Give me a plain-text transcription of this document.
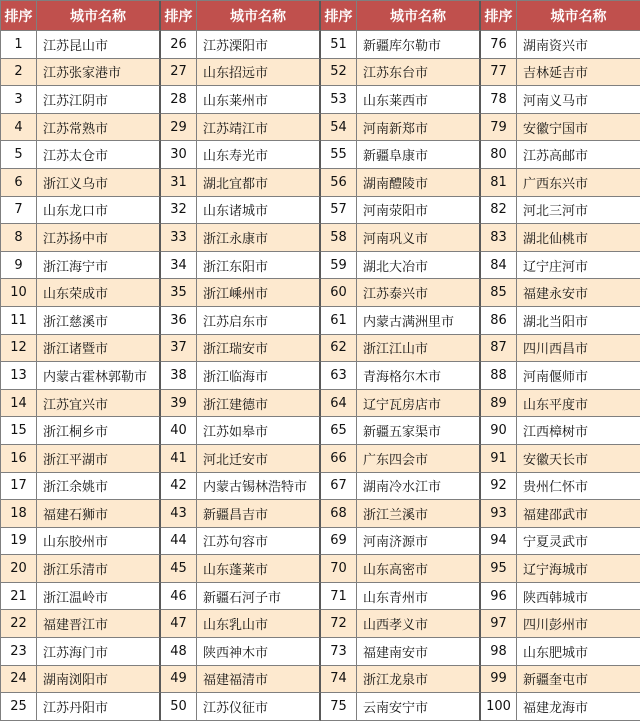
排序	城市名称	排序	城市名称	排序	城市名称	排序	城市名称
1	江苏昆山市	26	江苏溧阳市	51	新疆库尔勒市	76	湖南资兴市
2	江苏张家港市	27	山东招远市	52	江苏东台市	77	吉林延吉市
3	江苏江阴市	28	山东莱州市	53	山东莱西市	78	河南义马市
4	江苏常熟市	29	江苏靖江市	54	河南新郑市	79	安徽宁国市
5	江苏太仓市	30	山东寿光市	55	新疆阜康市	80	江苏高邮市
6	浙江义乌市	31	湖北宜都市	56	湖南醴陵市	81	广西东兴市
7	山东龙口市	32	山东诸城市	57	河南荥阳市	82	河北三河市
8	江苏扬中市	33	浙江永康市	58	河南巩义市	83	湖北仙桃市
9	浙江海宁市	34	浙江东阳市	59	湖北大冶市	84	辽宁庄河市
10	山东荣成市	35	浙江嵊州市	60	江苏泰兴市	85	福建永安市
11	浙江慈溪市	36	江苏启东市	61	内蒙古满洲里市	86	湖北当阳市
12	浙江诸暨市	37	浙江瑞安市	62	浙江江山市	87	四川西昌市
13	内蒙古霍林郭勒市	38	浙江临海市	63	青海格尔木市	88	河南偃师市
14	江苏宜兴市	39	浙江建德市	64	辽宁瓦房店市	89	山东平度市
15	浙江桐乡市	40	江苏如皋市	65	新疆五家渠市	90	江西樟树市
16	浙江平湖市	41	河北迁安市	66	广东四会市	91	安徽天长市
17	浙江余姚市	42	内蒙古锡林浩特市	67	湖南冷水江市	92	贵州仁怀市
18	福建石狮市	43	新疆昌吉市	68	浙江兰溪市	93	福建邵武市
19	山东胶州市	44	江苏句容市	69	河南济源市	94	宁夏灵武市
20	浙江乐清市	45	山东蓬莱市	70	山东高密市	95	辽宁海城市
21	浙江温岭市	46	新疆石河子市	71	山东青州市	96	陕西韩城市
22	福建晋江市	47	山东乳山市	72	山西孝义市	97	四川彭州市
23	江苏海门市	48	陕西神木市	73	福建南安市	98	山东肥城市
24	湖南浏阳市	49	福建福清市	74	浙江龙泉市	99	新疆奎屯市
25	江苏丹阳市	50	江苏仪征市	75	云南安宁市	100 福建龙海市
